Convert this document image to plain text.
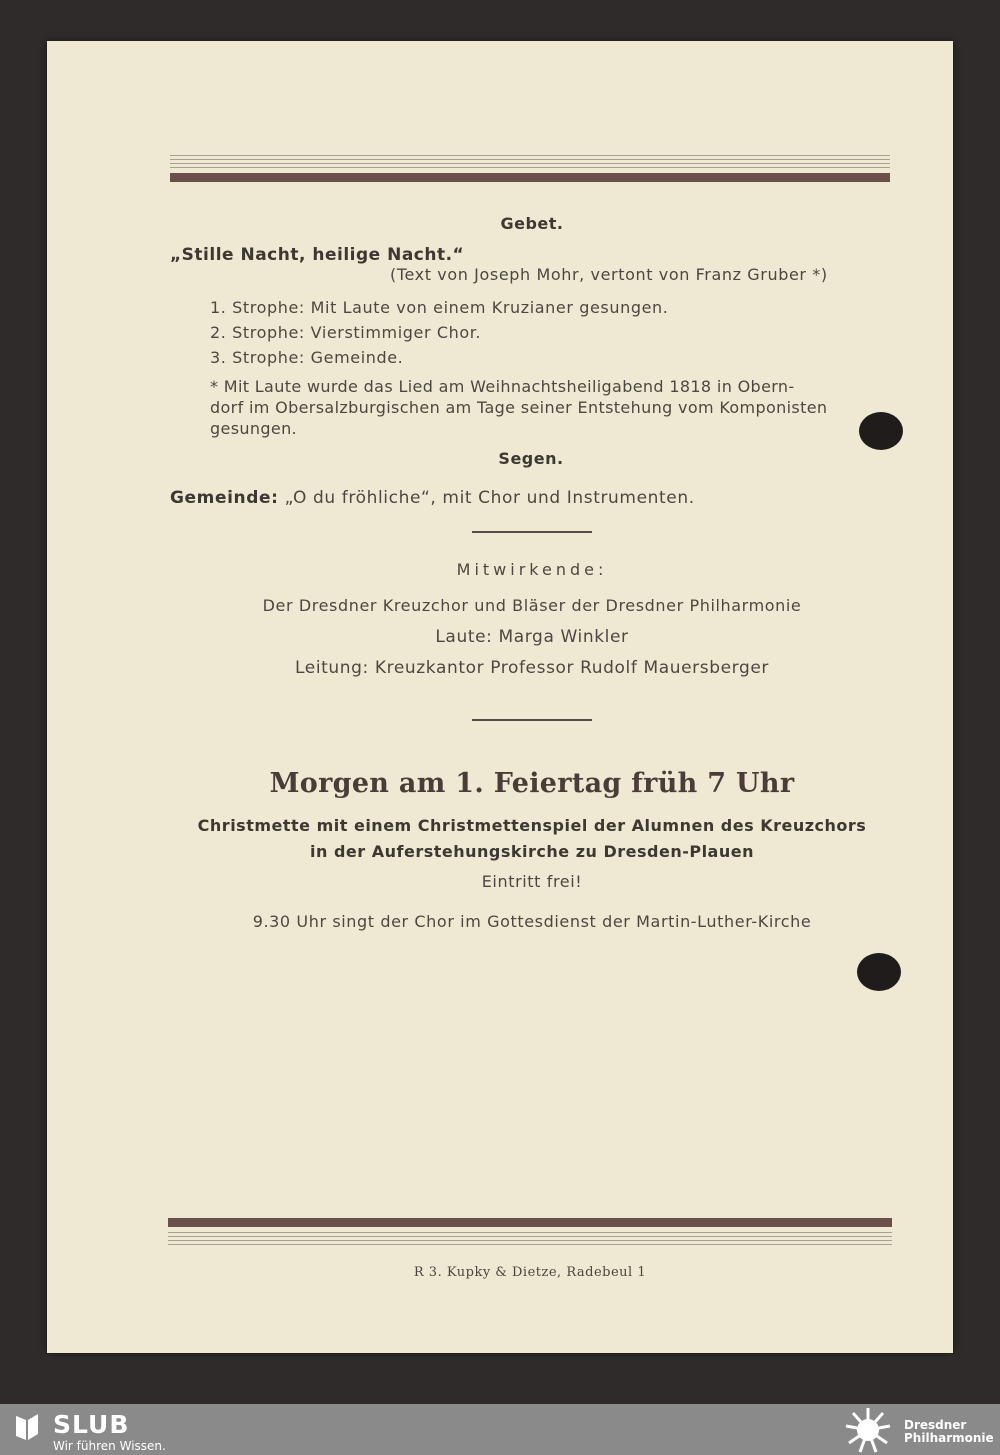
Gebet.
„Stille Nacht, heilige Nacht.“
(Text von Joseph Mohr, vertont von Franz Gruber *)
1. Strophe: Mit Laute von einem Kruzianer gesungen.
2. Strophe: Vierstimmiger Chor.
3. Strophe: Gemeinde.
* Mit Laute wurde das Lied am Weihnachtsheiligabend 1818 in Obern-
dorf im Obersalzburgischen am Tage seiner Entstehung vom Komponisten
gesungen.
Segen.
Gemeinde: „O du fröhliche“, mit Chor und Instrumenten.
Mitwirkende:
Der Dresdner Kreuzchor und Bläser der Dresdner Philharmonie
Laute: Marga Winkler
Leitung: Kreuzkantor Professor Rudolf Mauersberger
Morgen am 1. Feiertag früh 7 Uhr
Christmette mit einem Christmettenspiel der Alumnen des Kreuzchors
in der Auferstehungskirche zu Dresden-Plauen
Eintritt frei!
9.30 Uhr singt der Chor im Gottesdienst der Martin-Luther-Kirche
R 3. Kupky & Dietze, Radebeul 1
SLUB
Wir führen Wissen.
Dresdner
Philharmonie
